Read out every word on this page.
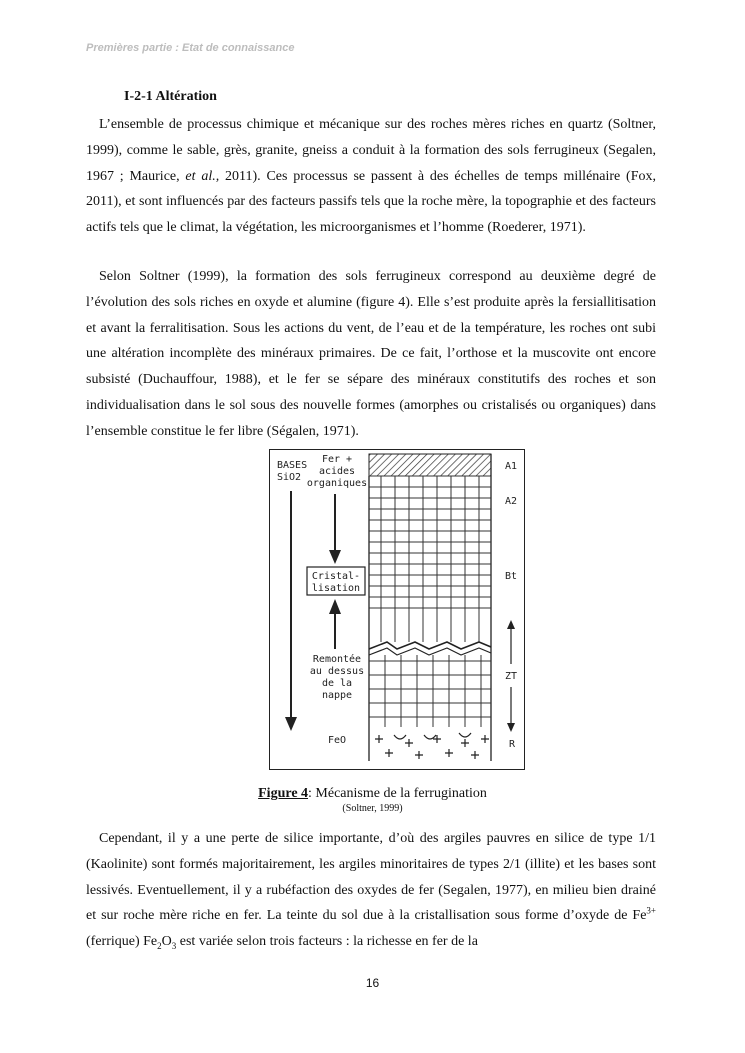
Premières partie : Etat de connaissance
I-2-1 Altération
L’ensemble de processus chimique et mécanique sur des roches mères riches en quartz (Soltner, 1999), comme le sable, grès, granite, gneiss a conduit à la formation des sols ferrugineux (Segalen, 1967 ; Maurice, et al., 2011). Ces processus se passent à des échelles de temps millénaire (Fox, 2011), et sont influencés par des facteurs passifs tels que la roche mère, la topographie et des facteurs actifs tels que le climat, la végétation, les microorganismes et l’homme (Roederer, 1971).
Selon Soltner (1999), la formation des sols ferrugineux correspond au deuxième degré de l’évolution des sols riches en oxyde et alumine (figure 4). Elle s’est produite après la fersiallitisation et avant la ferralitisation. Sous les actions du vent, de l’eau et de la température, les roches ont subi une altération incomplète des minéraux primaires. De ce fait, l’orthose et la muscovite ont encore subsisté (Duchauffour, 1988), et le fer se sépare des minéraux constitutifs des roches et son individualisation dans le sol sous des nouvelle formes (amorphes ou cristalisés ou organiques) dans l’ensemble constitue le fer libre (Ségalen, 1971).
BASES
SiO2
Fer +
acides
organiques
Cristal-
lisation
Remontée
au dessus
de la
nappe
FeO
A1
A2
Bt
ZT
R
Figure 4: Mécanisme de la ferrugination
(Soltner, 1999)
Cependant, il y a une perte de silice importante, d’où des argiles pauvres en silice de type 1/1 (Kaolinite) sont formés majoritairement, les argiles minoritaires de types 2/1 (illite) et les bases sont lessivés. Eventuellement, il y a rubéfaction des oxydes de fer (Segalen, 1977), en milieu bien drainé et sur roche mère riche en fer. La teinte du sol due à la cristallisation sous forme d’oxyde de $Fe^{3+}$ (ferrique) $Fe_2O_3$ est variée selon trois facteurs : la richesse en fer de la
16
